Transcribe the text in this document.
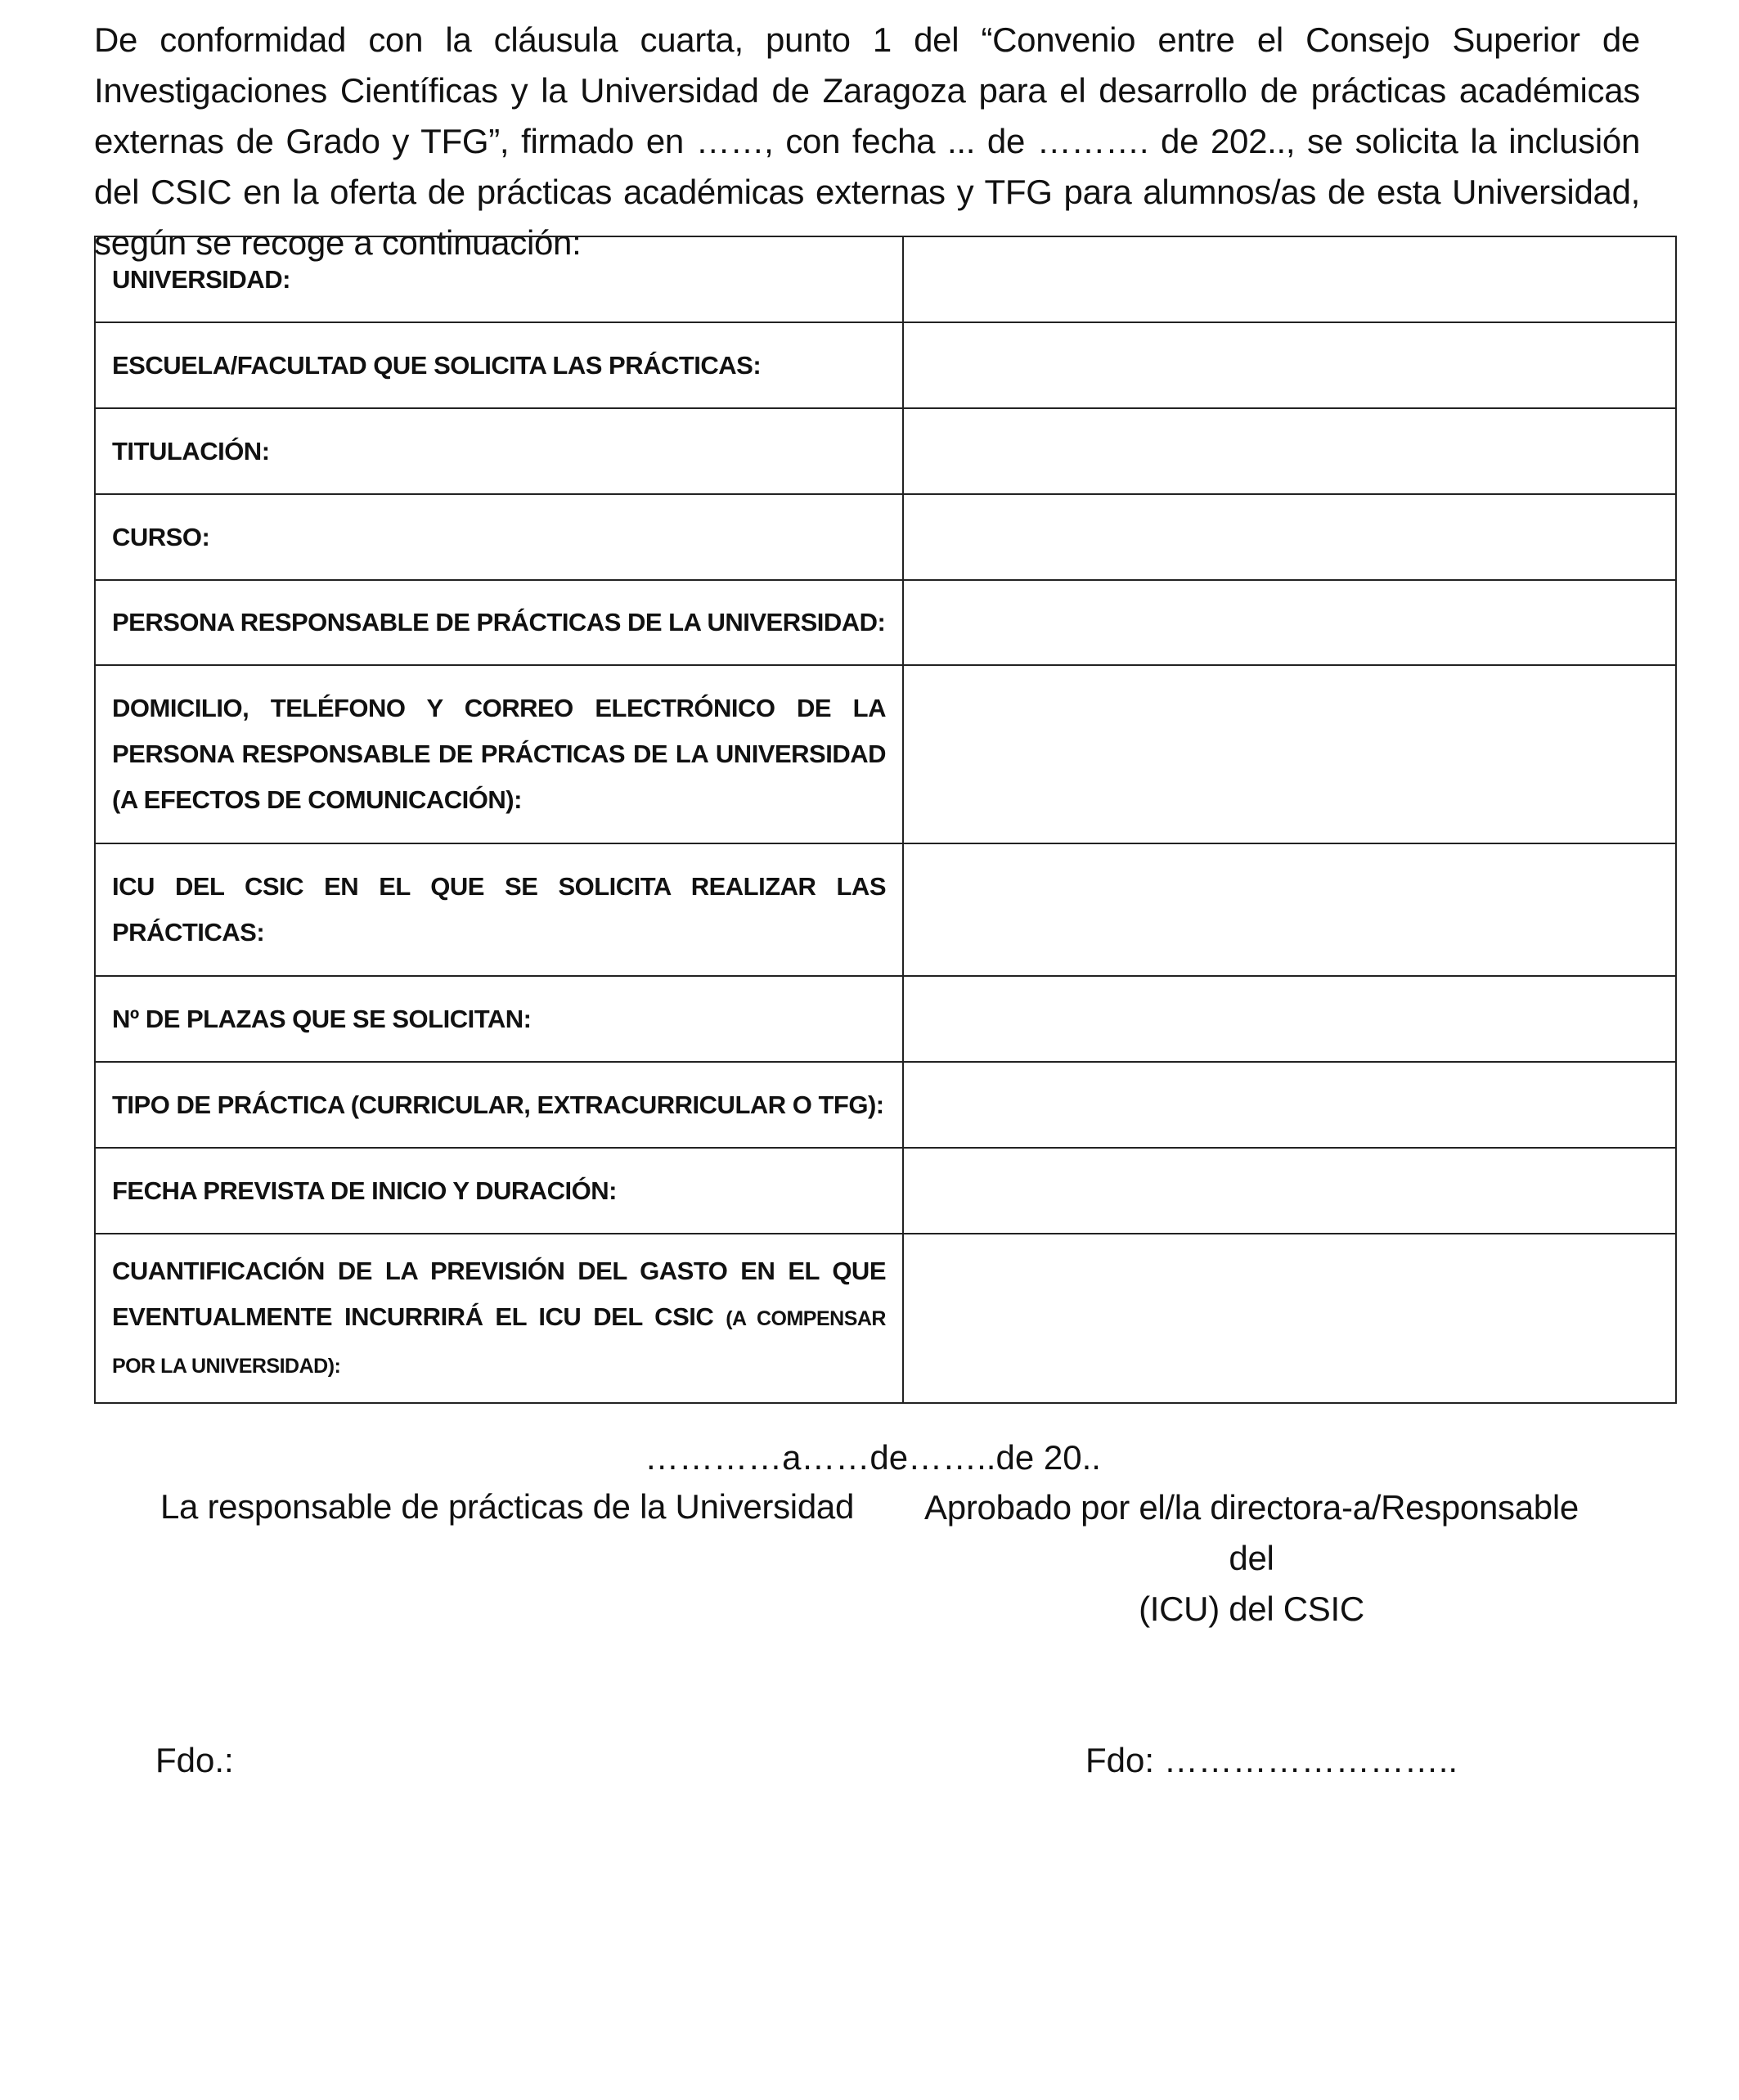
De conformidad con la cláusula cuarta, punto 1 del “Convenio entre el Consejo Superior de Investigaciones Científicas y la Universidad de Zaragoza para el desarrollo de prácticas académicas externas de Grado y TFG”, firmado en ……, con fecha ... de ………. de 202.., se solicita la inclusión del CSIC en la oferta de prácticas académicas externas y TFG para alumnos/as de esta Universidad, según se recoge a continuación:

UNIVERSIDAD:	
ESCUELA/FACULTAD QUE SOLICITA LAS PRÁCTICAS:	
TITULACIÓN:	
CURSO:	
PERSONA RESPONSABLE DE PRÁCTICAS DE LA UNIVERSIDAD:	
DOMICILIO, TELÉFONO Y CORREO ELECTRÓNICO DE LA PERSONA RESPONSABLE DE PRÁCTICAS DE LA UNIVERSIDAD (A EFECTOS DE COMUNICACIÓN):	
ICU DEL CSIC EN EL QUE SE SOLICITA REALIZAR LAS PRÁCTICAS:	
Nº DE PLAZAS QUE SE SOLICITAN:	
TIPO DE PRÁCTICA (CURRICULAR, EXTRACURRICULAR O TFG):	
FECHA PREVISTA DE INICIO Y DURACIÓN:	
CUANTIFICACIÓN DE LA PREVISIÓN DEL GASTO EN EL QUE EVENTUALMENTE INCURRIRÁ EL ICU DEL CSIC (A COMPENSAR POR LA UNIVERSIDAD):	

…………a……de……..de 20..

La responsable de prácticas de la Universidad	Aprobado por el/la directora-a/Responsable del
(ICU) del CSIC

Fdo.:	Fdo: ……………………..
